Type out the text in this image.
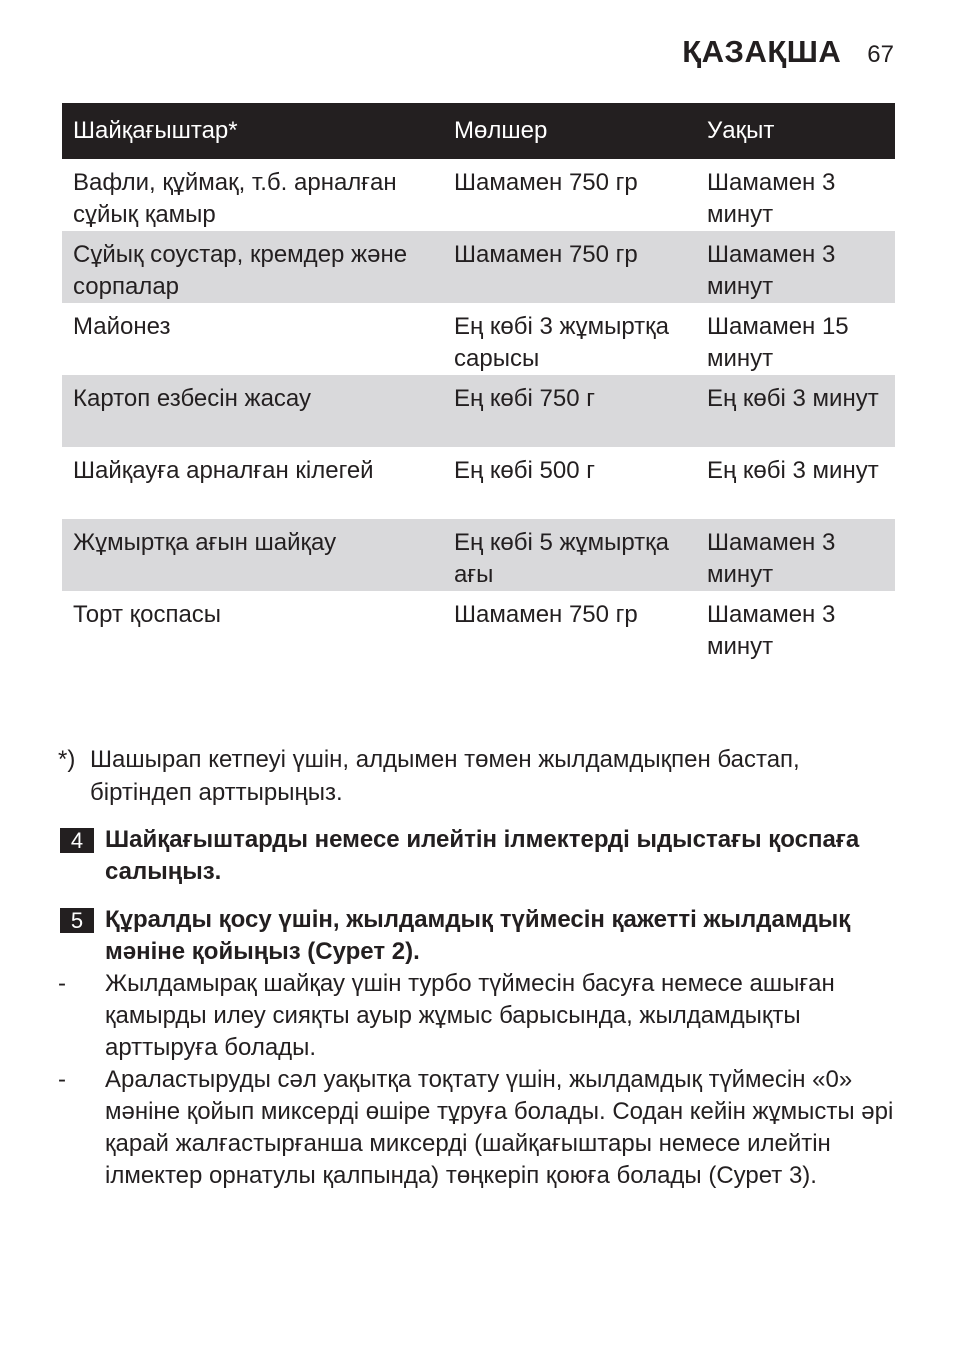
ҚАЗАҚША 67
Шайқағыштар*	Мөлшер	Уақыт
Вафли, құймақ, т.б. арналған сұйық қамыр	Шамамен 750 гр	Шамамен 3 минут
Сұйық соустар, кремдер және сорпалар	Шамамен 750 гр	Шамамен 3 минут
Майонез	Ең көбі 3 жұмыртқа сарысы	Шамамен 15 минут
Картоп езбесін жасау	Ең көбі 750 г	Ең көбі 3 минут
Шайқауға арналған кілегей	Ең көбі 500 г	Ең көбі 3 минут
Жұмыртқа ағын шайқау	Ең көбі 5 жұмыртқа ағы	Шамамен 3 минут
Торт қоспасы	Шамамен 750 гр	Шамамен 3 минут
*) Шашырап кетпеуі үшін, алдымен төмен жылдамдықпен бастап,
біртіндеп арттырыңыз.
4 Шайқағыштарды немесе илейтін ілмектерді ыдыстағы қоспаға салыңыз.
5 Құралды қосу үшін, жылдамдық түймесін қажетті жылдамдық мәніне қойыңыз (Сурет 2).
-	Жылдамырақ шайқау үшін турбо түймесін басуға немесе ашыған қамырды илеу сияқты ауыр жұмыс барысында, жылдамдықты арттыруға болады.
-	Араластыруды сәл уақытқа тоқтату үшін, жылдамдық түймесін «0» мәніне қойып миксерді өшіре тұруға болады. Содан кейін жұмысты әрі қарай жалғастырғанша миксерді (шайқағыштары немесе илейтін ілмектер орнатулы қалпында) төңкеріп қоюға болады (Сурет 3).
